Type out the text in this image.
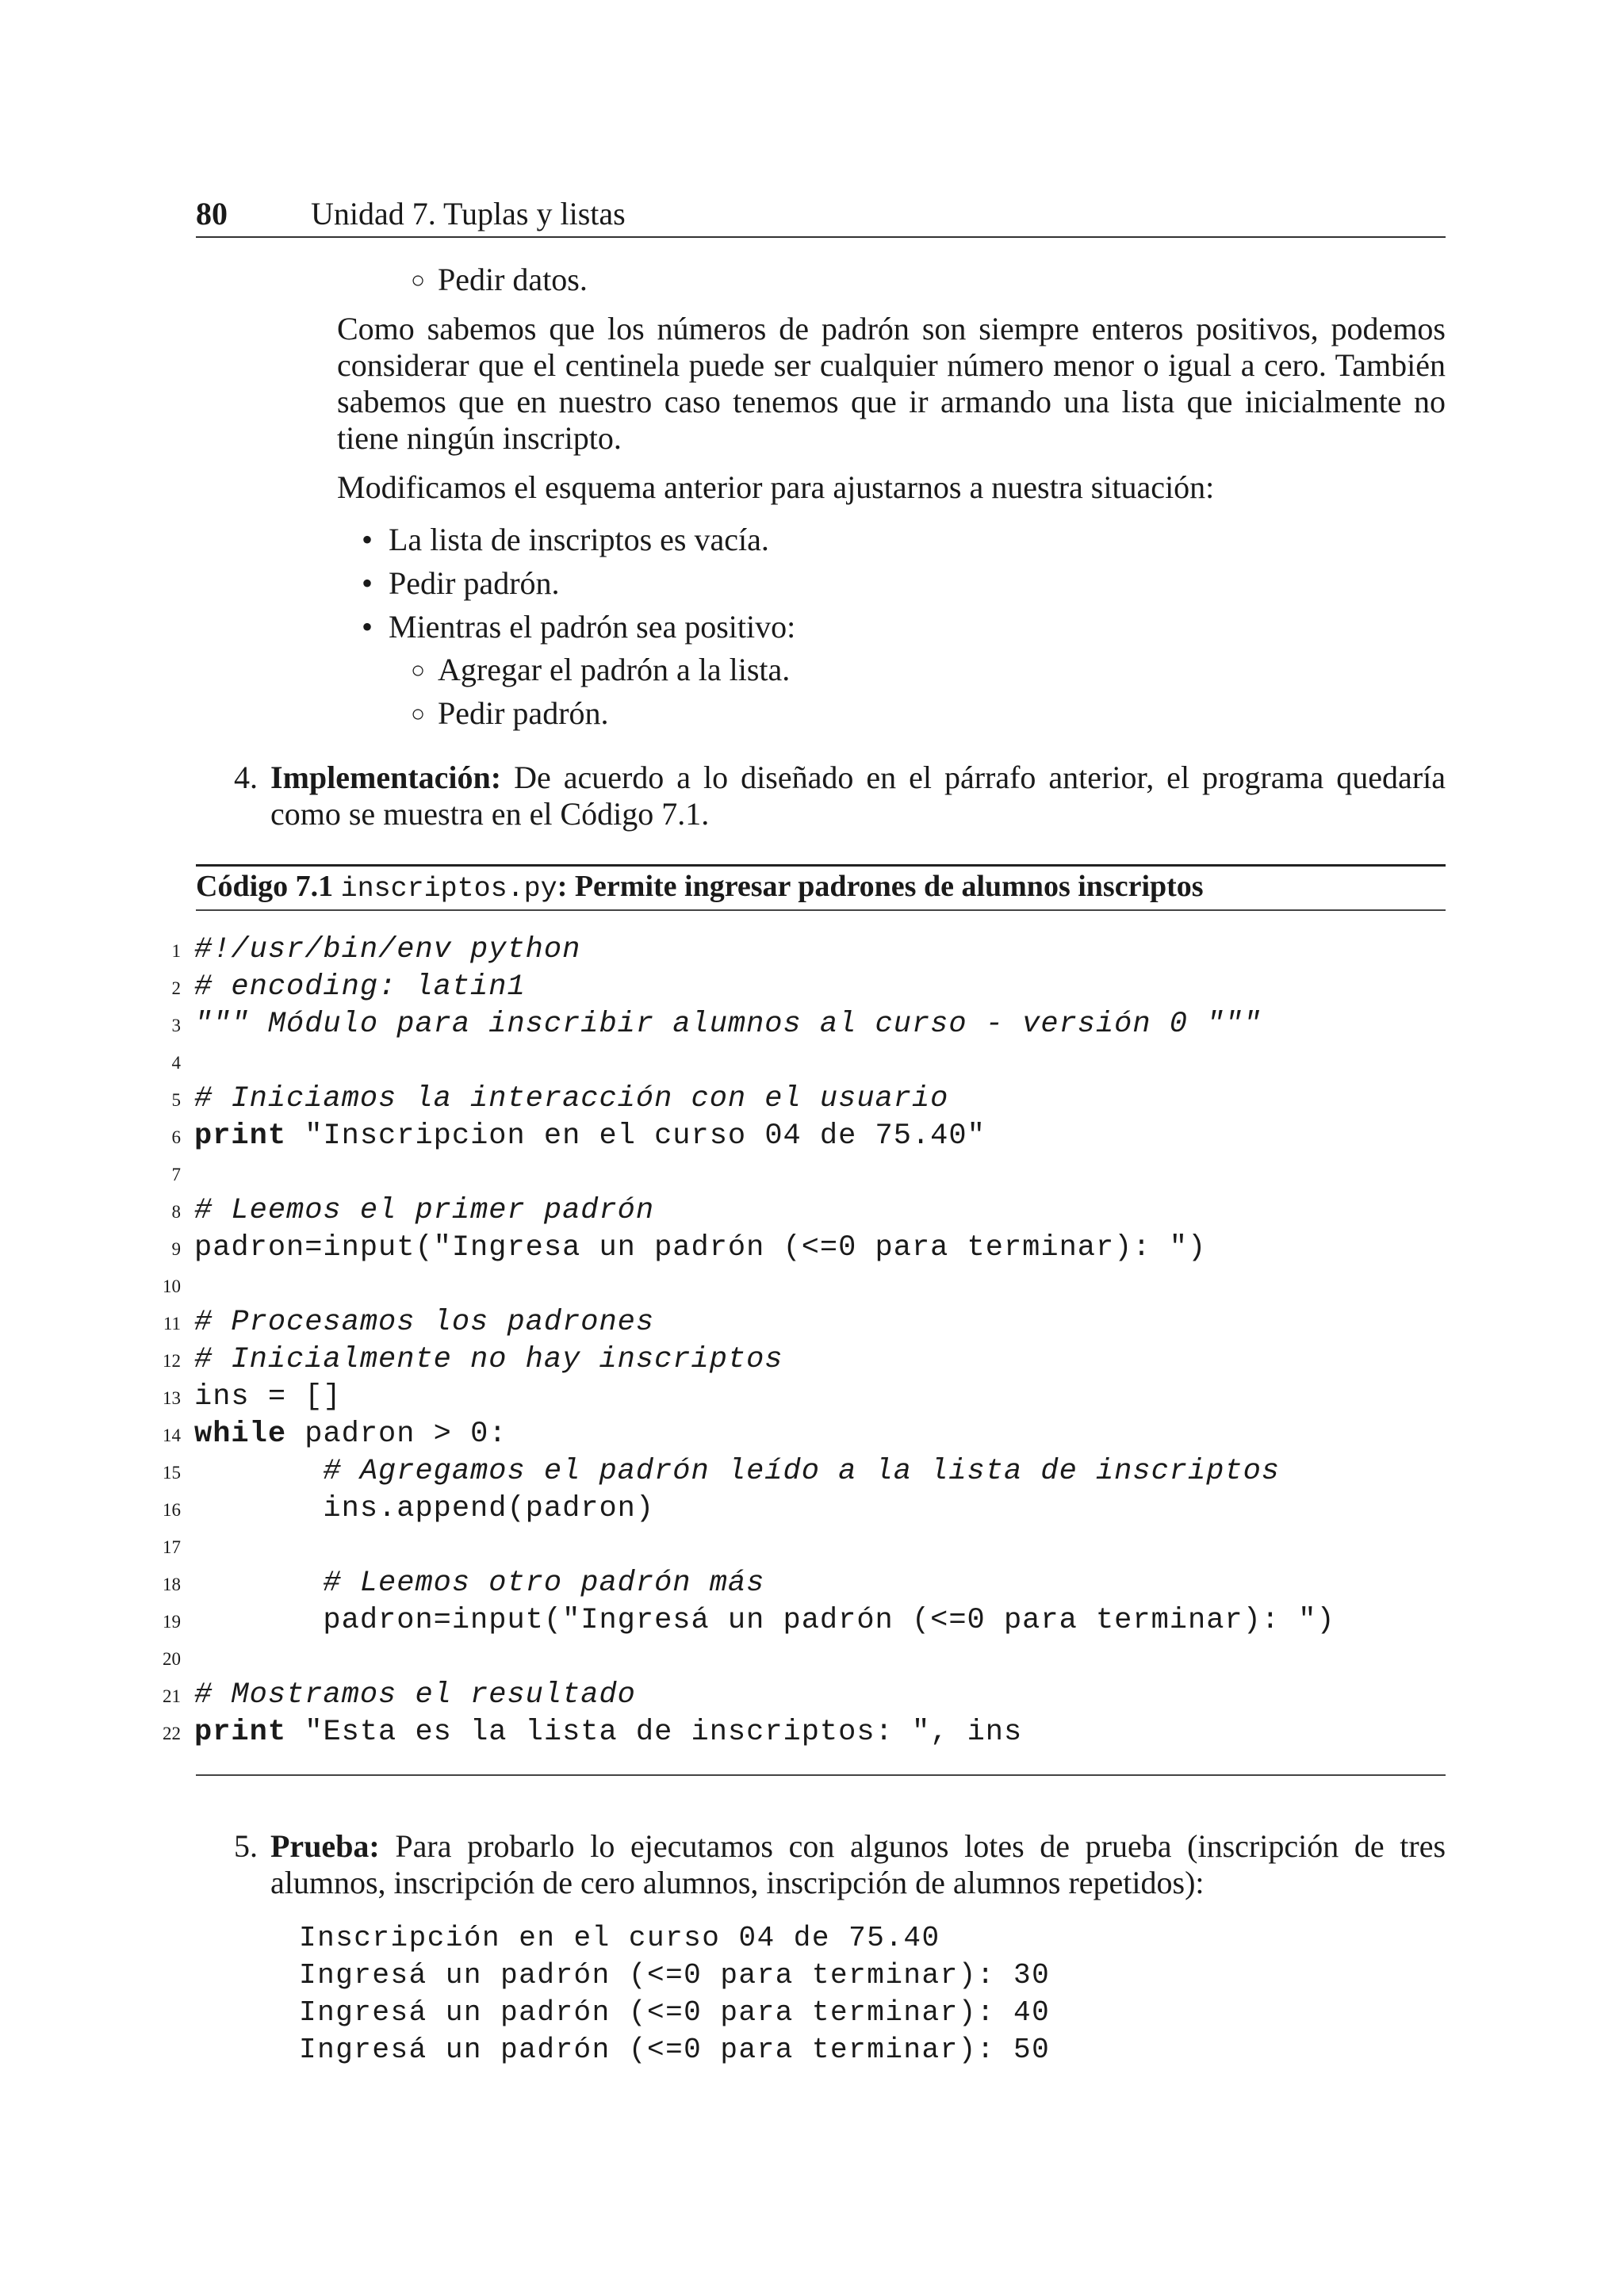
80	Unidad 7. Tuplas y listas
○ Pedir datos.
Como sabemos que los números de padrón son siempre enteros positivos, podemos considerar que el centinela puede ser cualquier número menor o igual a cero. También sabemos que en nuestro caso tenemos que ir armando una lista que inicialmente no tiene ningún inscripto.
Modificamos el esquema anterior para ajustarnos a nuestra situación:
• La lista de inscriptos es vacía.
• Pedir padrón.
• Mientras el padrón sea positivo:
○ Agregar el padrón a la lista.
○ Pedir padrón.
4. Implementación: De acuerdo a lo diseñado en el párrafo anterior, el programa quedaría como se muestra en el Código 7.1.
Código 7.1 inscriptos.py: Permite ingresar padrones de alumnos inscriptos
1 #!/usr/bin/env python
2 # encoding: latin1
3 """ Módulo para inscribir alumnos al curso - versión 0 """
4
5 # Iniciamos la interacción con el usuario
6 print "Inscripcion en el curso 04 de 75.40"
7
8 # Leemos el primer padrón
9 padron=input("Ingresa un padrón (<=0 para terminar): ")
10
11 # Procesamos los padrones
12 # Inicialmente no hay inscriptos
13 ins = []
14 while padron > 0:
15 # Agregamos el padrón leído a la lista de inscriptos
16 ins.append(padron)
17
18 # Leemos otro padrón más
19 padron=input("Ingresá un padrón (<=0 para terminar): ")
20
21 # Mostramos el resultado
22 print "Esta es la lista de inscriptos: ", ins
5. Prueba: Para probarlo lo ejecutamos con algunos lotes de prueba (inscripción de tres alumnos, inscripción de cero alumnos, inscripción de alumnos repetidos):
Inscripción en el curso 04 de 75.40
Ingresá un padrón (<=0 para terminar): 30
Ingresá un padrón (<=0 para terminar): 40
Ingresá un padrón (<=0 para terminar): 50
